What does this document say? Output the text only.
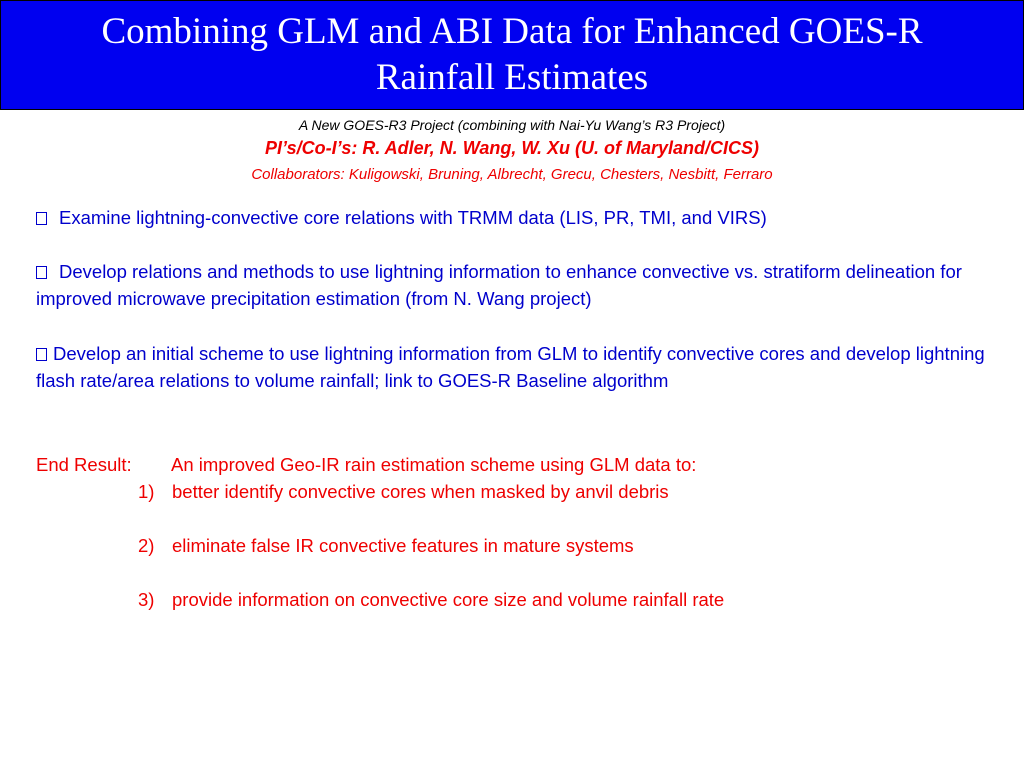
Combining GLM and ABI Data for Enhanced GOES-R
Rainfall Estimates
A New GOES-R3 Project (combining with Nai-Yu Wang’s R3 Project)
PI’s/Co-I’s: R. Adler, N. Wang, W. Xu (U. of Maryland/CICS)
Collaborators: Kuligowski, Bruning, Albrecht, Grecu, Chesters, Nesbitt, Ferraro
Examine lightning-convective core relations with TRMM data (LIS, PR, TMI, and VIRS)
Develop relations and methods to use lightning information to enhance convective vs. stratiform delineation for improved microwave precipitation estimation (from N. Wang project)
Develop an initial scheme to use lightning information from GLM to identify convective cores and develop lightning flash rate/area relations to volume rainfall; link to GOES-R Baseline algorithm
End Result: An improved Geo-IR rain estimation scheme using GLM data to:
1) better identify convective cores when masked by anvil debris
2) eliminate false IR convective features in mature systems
3) provide information on convective core size and volume rainfall rate
